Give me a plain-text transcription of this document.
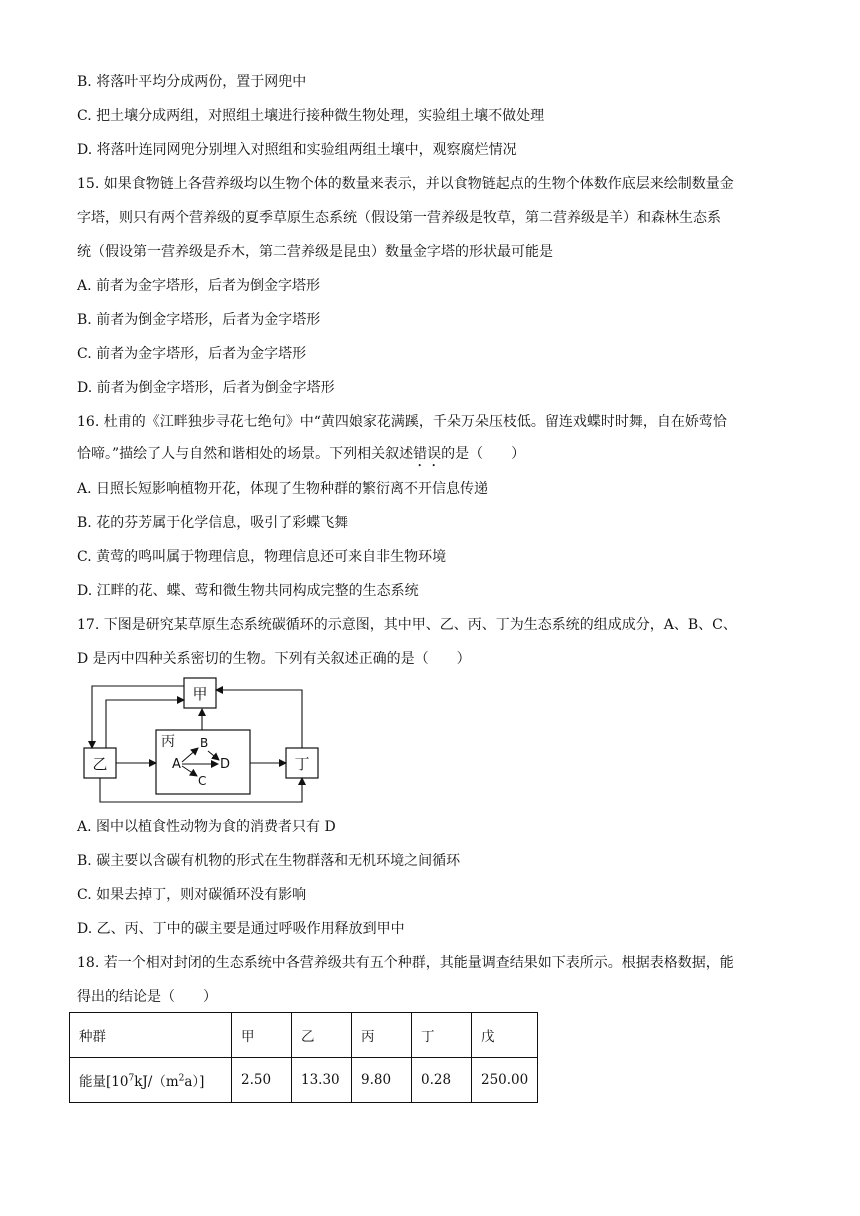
B. 将落叶平均分成两份，置于网兜中
C. 把土壤分成两组，对照组土壤进行接种微生物处理，实验组土壤不做处理
D. 将落叶连同网兜分别埋入对照组和实验组两组土壤中，观察腐烂情况
15. 如果食物链上各营养级均以生物个体的数量来表示，并以食物链起点的生物个体数作底层来绘制数量金
字塔，则只有两个营养级的夏季草原生态系统（假设第一营养级是牧草，第二营养级是羊）和森林生态系
统（假设第一营养级是乔木，第二营养级是昆虫）数量金字塔的形状最可能是
A. 前者为金字塔形，后者为倒金字塔形
B. 前者为倒金字塔形，后者为金字塔形
C. 前者为金字塔形，后者为金字塔形
D. 前者为倒金字塔形，后者为倒金字塔形
16. 杜甫的《江畔独步寻花七绝句》中“黄四娘家花满蹊，千朵万朵压枝低。留连戏蝶时时舞，自在娇莺恰
恰啼。”描绘了人与自然和谐相处的场景。下列相关叙述错误的是（　　）
A. 日照长短影响植物开花，体现了生物种群的繁衍离不开信息传递
B. 花的芬芳属于化学信息，吸引了彩蝶飞舞
C. 黄莺的鸣叫属于物理信息，物理信息还可来自非生物环境
D. 江畔的花、蝶、莺和微生物共同构成完整的生态系统
17. 下图是研究某草原生态系统碳循环的示意图，其中甲、乙、丙、丁为生态系统的组成成分，A、B、C、
D 是丙中四种关系密切的生物。下列有关叙述正确的是（　　）
甲
乙
丙
丁
A
B
C
D
A. 图中以植食性动物为食的消费者只有 D
B. 碳主要以含碳有机物的形式在生物群落和无机环境之间循环
C. 如果去掉丁，则对碳循环没有影响
D. 乙、丙、丁中的碳主要是通过呼吸作用释放到甲中
18. 若一个相对封闭的生态系统中各营养级共有五个种群，其能量调查结果如下表所示。根据表格数据，能
得出的结论是（　　）
种群	甲	乙	丙	丁	戊
能量$[10^7kJ/(m^2a)]$	2.50	13.30	9.80	0.28	250.00
